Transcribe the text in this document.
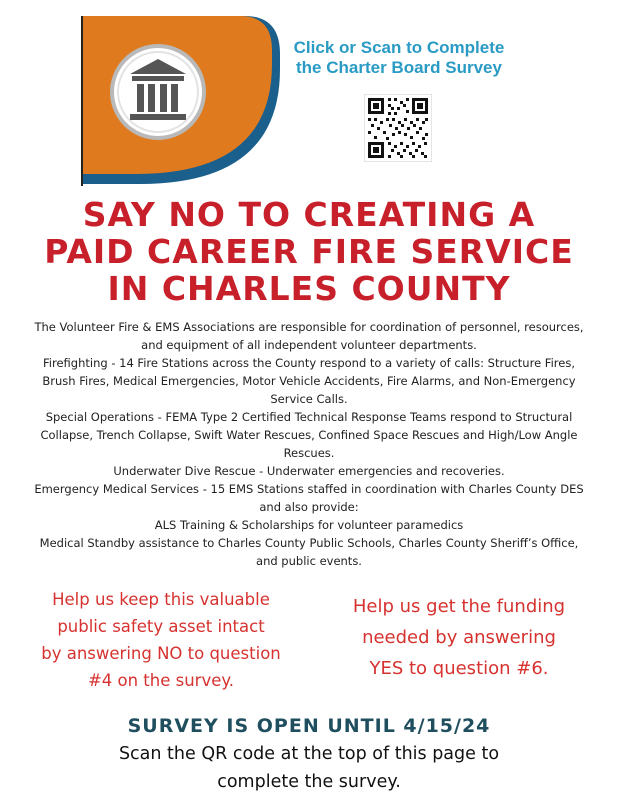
Click or Scan to Complete
the Charter Board Survey
SAY NO TO CREATING A
PAID CAREER FIRE SERVICE
IN CHARLES COUNTY

The Volunteer Fire & EMS Associations are responsible for coordination of personnel, resources, and equipment of all independent volunteer departments.

Firefighting - 14 Fire Stations across the County respond to a variety of calls: Structure Fires, Brush Fires, Medical Emergencies, Motor Vehicle Accidents, Fire Alarms, and Non-Emergency Service Calls.

Special Operations - FEMA Type 2 Certified Technical Response Teams respond to Structural Collapse, Trench Collapse, Swift Water Rescues, Confined Space Rescues and High/Low Angle Rescues.

Underwater Dive Rescue - Underwater emergencies and recoveries.

Emergency Medical Services - 15 EMS Stations staffed in coordination with Charles County DES and also provide:

ALS Training & Scholarships for volunteer paramedics

Medical Standby assistance to Charles County Public Schools, Charles County Sheriff’s Office, and public events.

Help us keep this valuable
public safety asset intact
by answering NO to question
#4 on the survey.
Help us get the funding
needed by answering
YES to question #6.
SURVEY IS OPEN UNTIL 4/15/24
Scan the QR code at the top of this page to
complete the survey.
